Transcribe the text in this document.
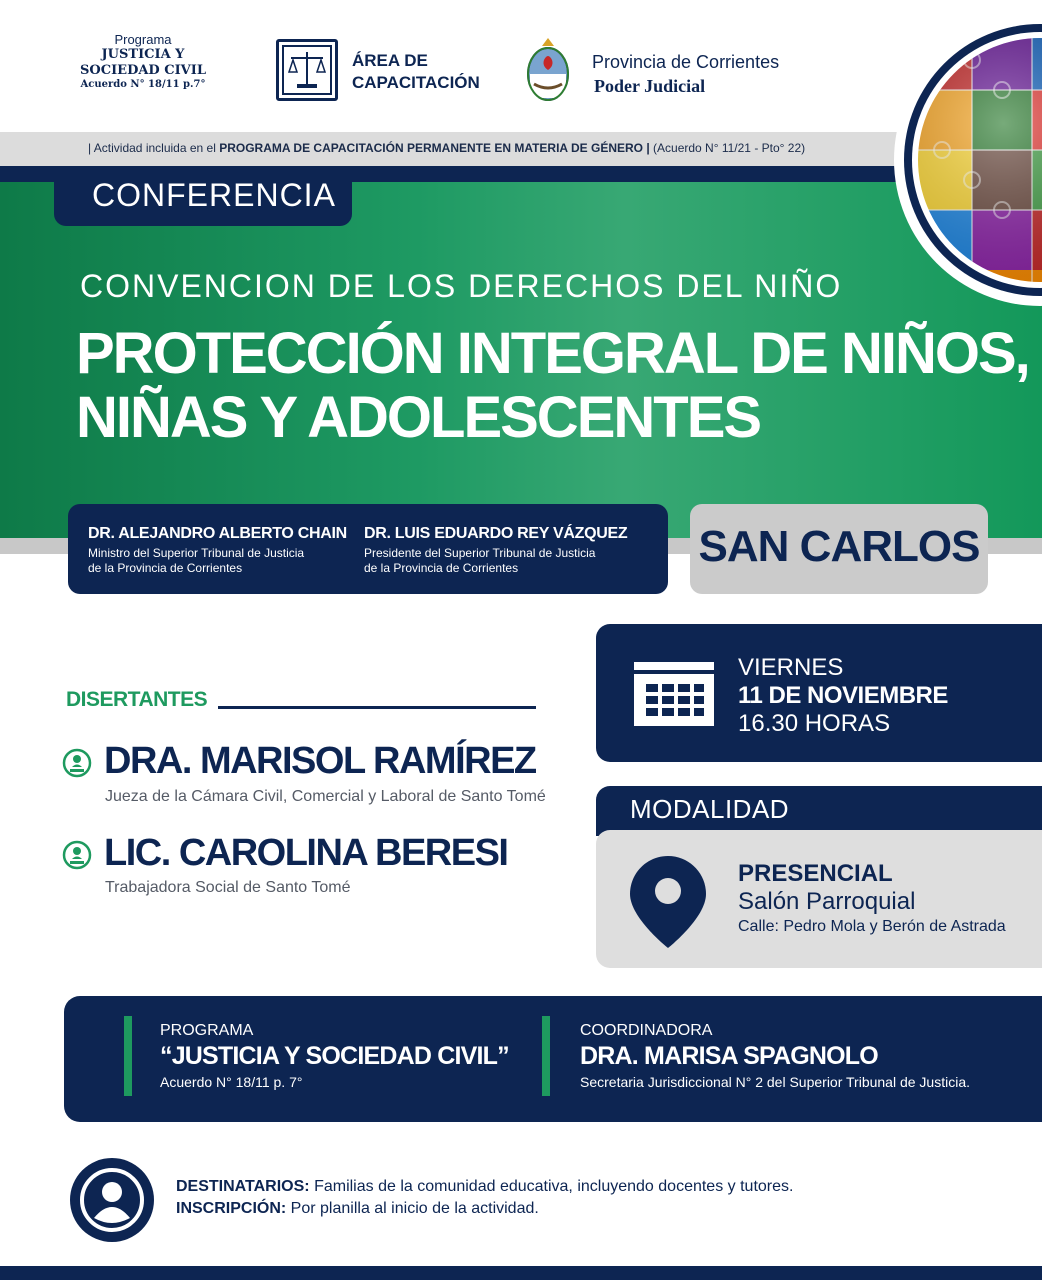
Programa
JUSTICIA Y
SOCIEDAD CIVIL
Acuerdo N° 18/11 p.7°
ÁREA DE
CAPACITACIÓN
Provincia de Corrientes
Poder Judicial
| Actividad incluida en el PROGRAMA DE CAPACITACIÓN PERMANENTE EN MATERIA DE GÉNERO | (Acuerdo N° 11/21 - Pto° 22)
CONFERENCIA
CONVENCION DE LOS DERECHOS DEL NIÑO
PROTECCIÓN INTEGRAL DE NIÑOS,
NIÑAS Y ADOLESCENTES
DR. ALEJANDRO ALBERTO CHAIN
Ministro del Superior Tribunal de Justicia
de la Provincia de Corrientes
DR. LUIS EDUARDO REY VÁZQUEZ
Presidente del Superior Tribunal de Justicia
de la Provincia de Corrientes	SAN CARLOS
VIERNES
11 DE NOVIEMBRE
16.30 HORAS
MODALIDAD
PRESENCIAL
Salón Parroquial
Calle: Pedro Mola y Berón de Astrada
DISERTANTES
DRA. MARISOL RAMÍREZ
Jueza de la Cámara Civil, Comercial y Laboral de Santo Tomé
LIC. CAROLINA BERESI
Trabajadora Social de Santo Tomé
PROGRAMA
“JUSTICIA Y SOCIEDAD CIVIL”
Acuerdo N° 18/11 p. 7°
COORDINADORA
DRA. MARISA SPAGNOLO
Secretaria Jurisdiccional N° 2 del Superior Tribunal de Justicia.
DESTINATARIOS: Familias de la comunidad educativa, incluyendo docentes y tutores.
INSCRIPCIÓN: Por planilla al inicio de la actividad.
